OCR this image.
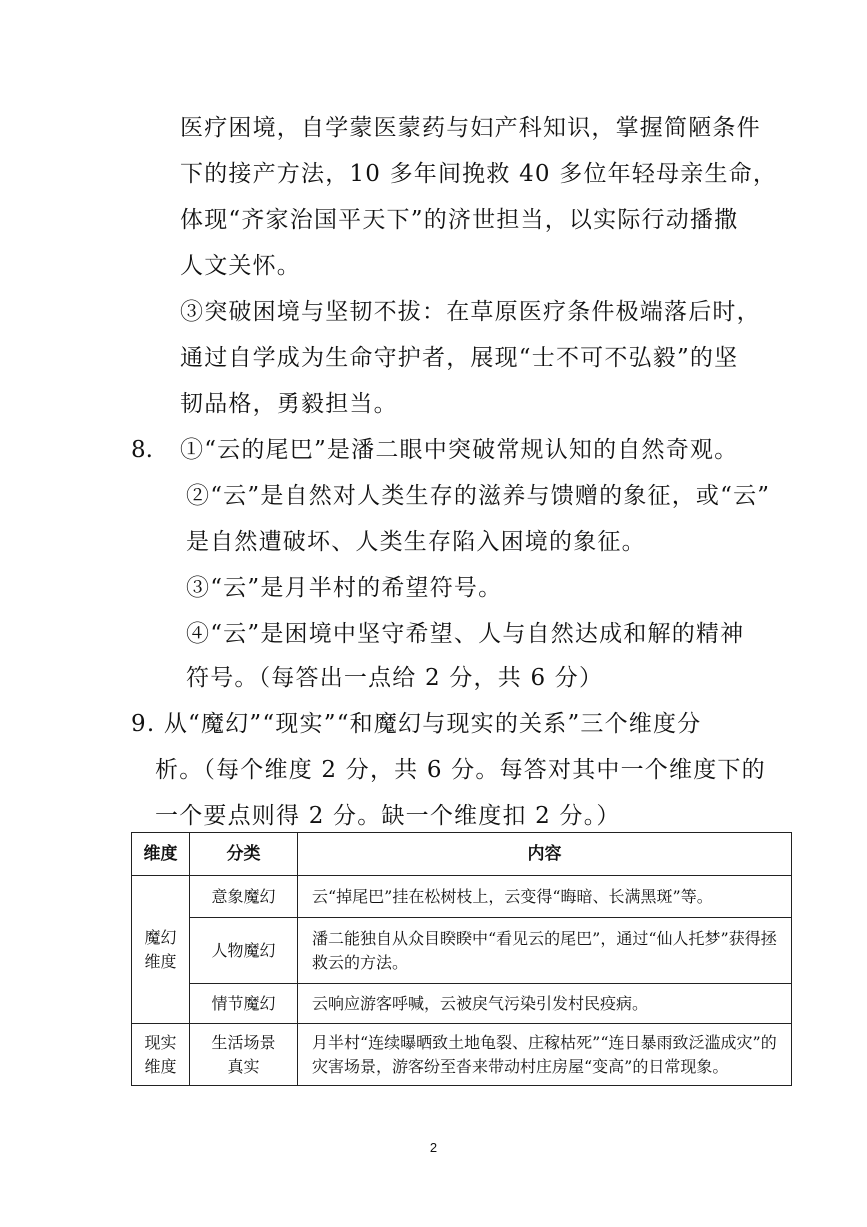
医疗困境，自学蒙医蒙药与妇产科知识，掌握简陋条件
下的接产方法，10 多年间挽救 40 多位年轻母亲生命，
体现“齐家治国平天下”的济世担当，以实际行动播撒
人文关怀。
③突破困境与坚韧不拔：在草原医疗条件极端落后时，
通过自学成为生命守护者，展现“士不可不弘毅”的坚
韧品格，勇毅担当。
8. ①“云的尾巴”是潘二眼中突破常规认知的自然奇观。
②“云”是自然对人类生存的滋养与馈赠的象征，或“云”
是自然遭破坏、人类生存陷入困境的象征。
③“云”是月半村的希望符号。
④“云”是困境中坚守希望、人与自然达成和解的精神
符号。（每答出一点给 2 分，共 6 分）
9. 从“魔幻”“现实”“和魔幻与现实的关系”三个维度分
析。（每个维度 2 分，共 6 分。每答对其中一个维度下的
一个要点则得 2 分。缺一个维度扣 2 分。）
维度	分类	内容
魔幻维度	意象魔幻	云“掉尾巴”挂在松树枝上，云变得“晦暗、长满黑斑”等。
	人物魔幻	潘二能独自从众目睽睽中“看见云的尾巴”，通过“仙人托梦”获得拯救云的方法。
	情节魔幻	云响应游客呼喊，云被戾气污染引发村民疫病。
现实维度	生活场景真实	月半村“连续曝晒致土地龟裂、庄稼枯死”“连日暴雨致泛滥成灾”的灾害场景，游客纷至沓来带动村庄房屋“变高”的日常现象。
2
